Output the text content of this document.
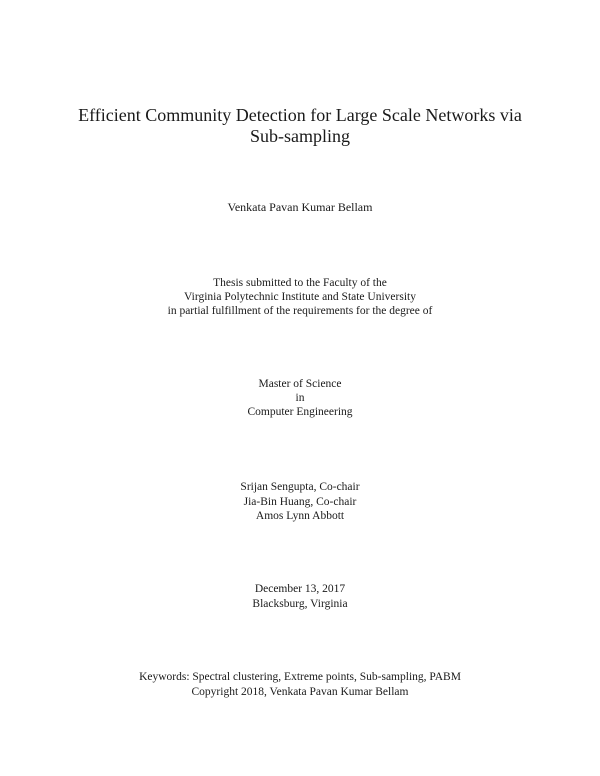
Efficient Community Detection for Large Scale Networks via
Sub-sampling
Venkata Pavan Kumar Bellam
Thesis submitted to the Faculty of the
Virginia Polytechnic Institute and State University
in partial fulfillment of the requirements for the degree of
Master of Science
in
Computer Engineering
Srijan Sengupta, Co-chair
Jia-Bin Huang, Co-chair
Amos Lynn Abbott
December 13, 2017
Blacksburg, Virginia
Keywords: Spectral clustering, Extreme points, Sub-sampling, PABM
Copyright 2018, Venkata Pavan Kumar Bellam
